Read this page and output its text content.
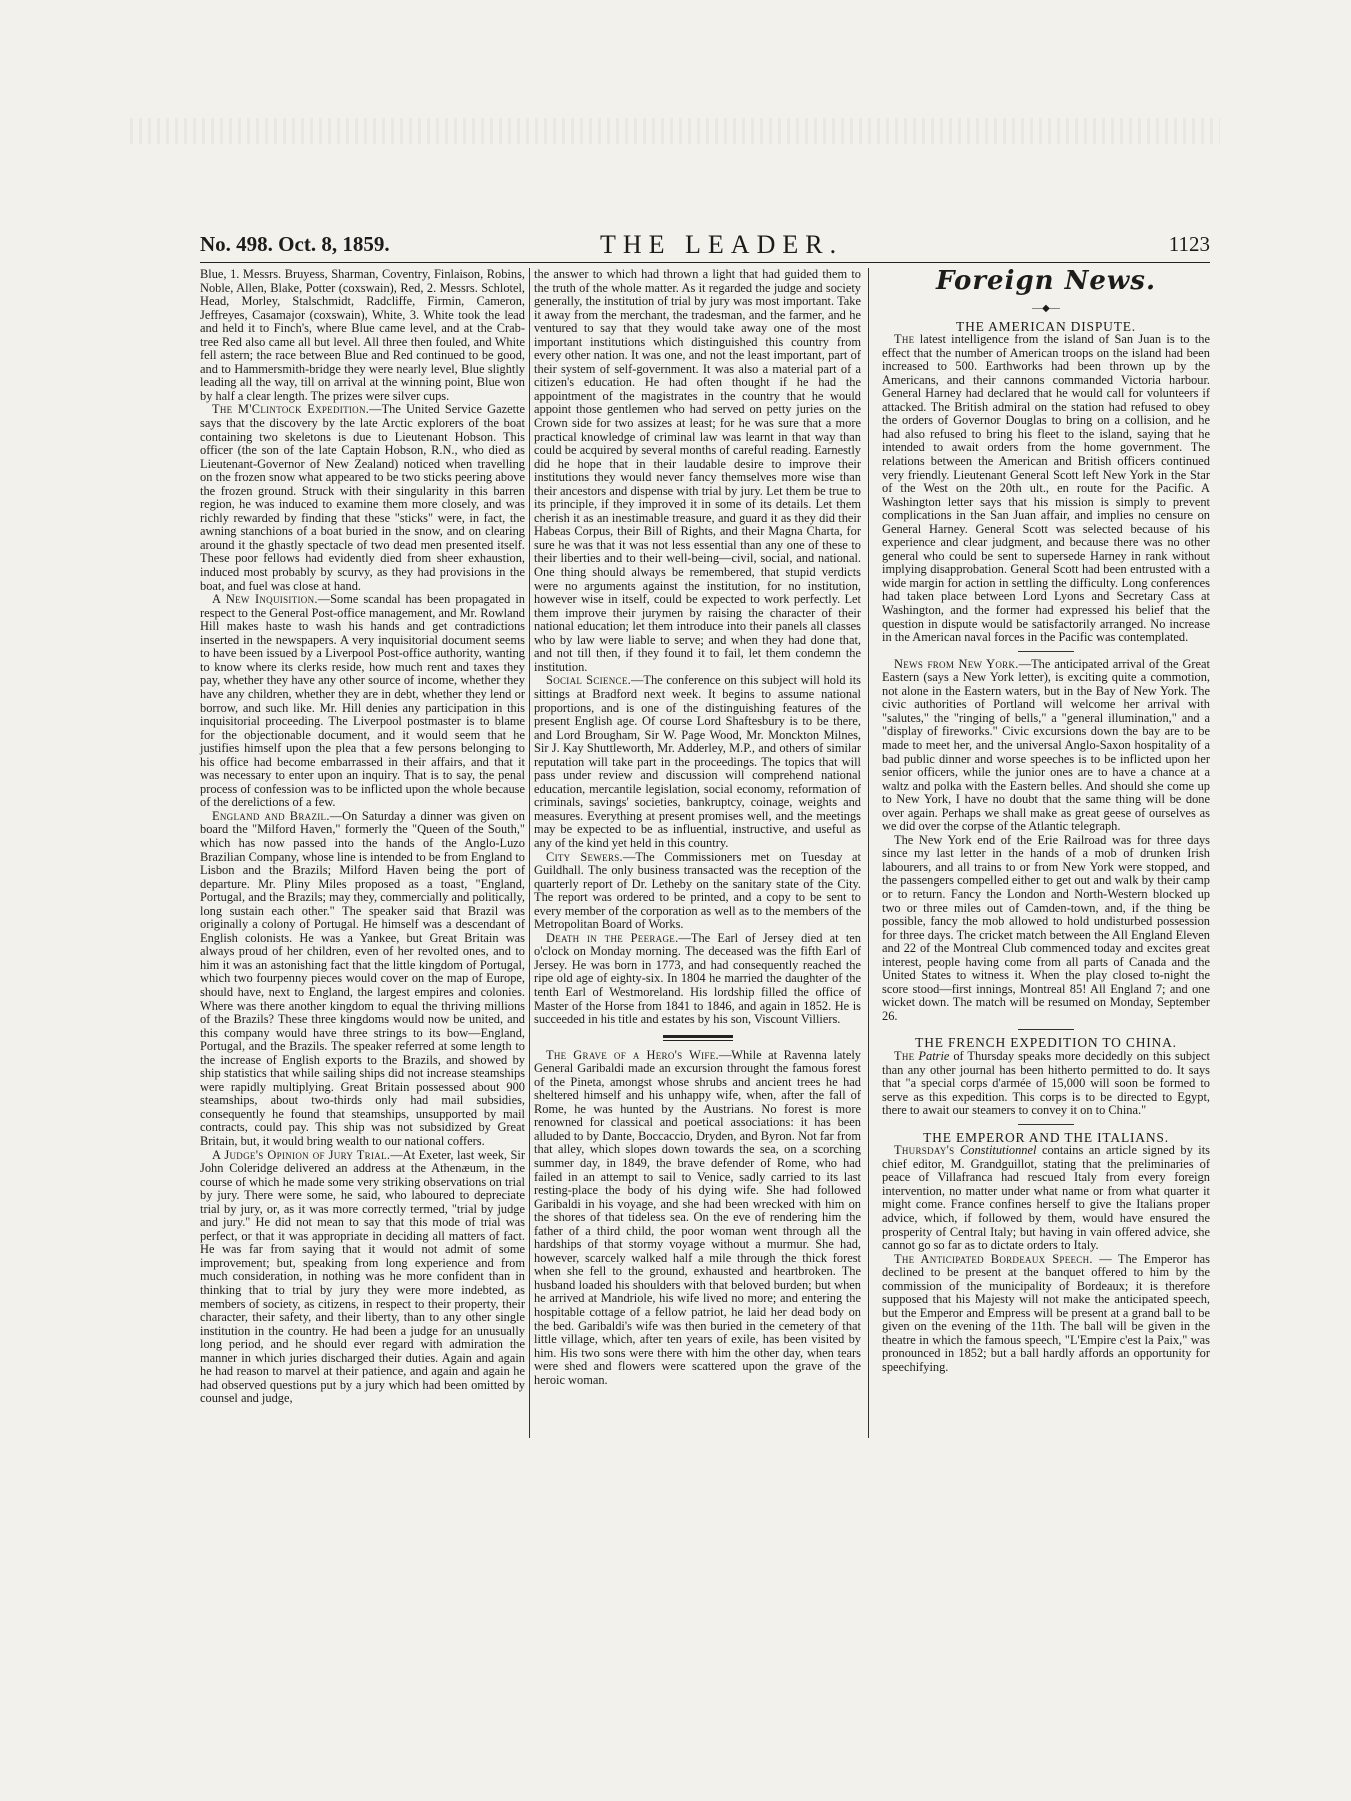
No. 498. Oct. 8, 1859.	THE LEADER.	1123

Blue, 1. Messrs. Bruyess, Sharman, Coventry, Finlaison, Robins, Noble, Allen, Blake, Potter (coxswain), Red, 2. Messrs. Schlotel, Head, Morley, Stalschmidt, Radcliffe, Firmin, Cameron, Jeffreyes, Casamajor (coxswain), White, 3. White took the lead and held it to Finch's, where Blue came level, and at the Crab-tree Red also came all but level. All three then fouled, and White fell astern; the race between Blue and Red continued to be good, and to Hammersmith-bridge they were nearly level, Blue slightly leading all the way, till on arrival at the winning point, Blue won by half a clear length. The prizes were silver cups.

The M'Clintock Expedition.—The United Service Gazette says that the discovery by the late Arctic explorers of the boat containing two skeletons is due to Lieutenant Hobson. This officer (the son of the late Captain Hobson, R.N., who died as Lieutenant-Governor of New Zealand) noticed when travelling on the frozen snow what appeared to be two sticks peering above the frozen ground. Struck with their singularity in this barren region, he was induced to examine them more closely, and was richly rewarded by finding that these "sticks" were, in fact, the awning stanchions of a boat buried in the snow, and on clearing around it the ghastly spectacle of two dead men presented itself. These poor fellows had evidently died from sheer exhaustion, induced most probably by scurvy, as they had provisions in the boat, and fuel was close at hand.

A New Inquisition.—Some scandal has been propagated in respect to the General Post-office management, and Mr. Rowland Hill makes haste to wash his hands and get contradictions inserted in the newspapers. A very inquisitorial document seems to have been issued by a Liverpool Post-office authority, wanting to know where its clerks reside, how much rent and taxes they pay, whether they have any other source of income, whether they have any children, whether they are in debt, whether they lend or borrow, and such like. Mr. Hill denies any participation in this inquisitorial proceeding. The Liverpool postmaster is to blame for the objectionable document, and it would seem that he justifies himself upon the plea that a few persons belonging to his office had become embarrassed in their affairs, and that it was necessary to enter upon an inquiry. That is to say, the penal process of confession was to be inflicted upon the whole because of the derelictions of a few.

England and Brazil.—On Saturday a dinner was given on board the "Milford Haven," formerly the "Queen of the South," which has now passed into the hands of the Anglo-Luzo Brazilian Company, whose line is intended to be from England to Lisbon and the Brazils; Milford Haven being the port of departure. Mr. Pliny Miles proposed as a toast, "England, Portugal, and the Brazils; may they, commercially and politically, long sustain each other." The speaker said that Brazil was originally a colony of Portugal. He himself was a descendant of English colonists. He was a Yankee, but Great Britain was always proud of her children, even of her revolted ones, and to him it was an astonishing fact that the little kingdom of Portugal, which two fourpenny pieces would cover on the map of Europe, should have, next to England, the largest empires and colonies. Where was there another kingdom to equal the thriving millions of the Brazils? These three kingdoms would now be united, and this company would have three strings to its bow—England, Portugal, and the Brazils. The speaker referred at some length to the increase of English exports to the Brazils, and showed by ship statistics that while sailing ships did not increase steamships were rapidly multiplying. Great Britain possessed about 900 steamships, about two-thirds only had mail subsidies, consequently he found that steamships, unsupported by mail contracts, could pay. This ship was not subsidized by Great Britain, but, it would bring wealth to our national coffers.

A Judge's Opinion of Jury Trial.—At Exeter, last week, Sir John Coleridge delivered an address at the Athenæum, in the course of which he made some very striking observations on trial by jury. There were some, he said, who laboured to depreciate trial by jury, or, as it was more correctly termed, "trial by judge and jury." He did not mean to say that this mode of trial was perfect, or that it was appropriate in deciding all matters of fact. He was far from saying that it would not admit of some improvement; but, speaking from long experience and from much consideration, in nothing was he more confident than in thinking that to trial by jury they were more indebted, as members of society, as citizens, in respect to their property, their character, their safety, and their liberty, than to any other single institution in the country. He had been a judge for an unusually long period, and he should ever regard with admiration the manner in which juries discharged their duties. Again and again he had reason to marvel at their patience, and again and again he had observed questions put by a jury which had been omitted by counsel and judge,

the answer to which had thrown a light that had guided them to the truth of the whole matter. As it regarded the judge and society generally, the institution of trial by jury was most important. Take it away from the merchant, the tradesman, and the farmer, and he ventured to say that they would take away one of the most important institutions which distinguished this country from every other nation. It was one, and not the least important, part of their system of self-government. It was also a material part of a citizen's education. He had often thought if he had the appointment of the magistrates in the country that he would appoint those gentlemen who had served on petty juries on the Crown side for two assizes at least; for he was sure that a more practical knowledge of criminal law was learnt in that way than could be acquired by several months of careful reading. Earnestly did he hope that in their laudable desire to improve their institutions they would never fancy themselves more wise than their ancestors and dispense with trial by jury. Let them be true to its principle, if they improved it in some of its details. Let them cherish it as an inestimable treasure, and guard it as they did their Habeas Corpus, their Bill of Rights, and their Magna Charta, for sure he was that it was not less essential than any one of these to their liberties and to their well-being—civil, social, and national. One thing should always be remembered, that stupid verdicts were no arguments against the institution, for no institution, however wise in itself, could be expected to work perfectly. Let them improve their jurymen by raising the character of their national education; let them introduce into their panels all classes who by law were liable to serve; and when they had done that, and not till then, if they found it to fail, let them condemn the institution.

Social Science.—The conference on this subject will hold its sittings at Bradford next week. It begins to assume national proportions, and is one of the distinguishing features of the present English age. Of course Lord Shaftesbury is to be there, and Lord Brougham, Sir W. Page Wood, Mr. Monckton Milnes, Sir J. Kay Shuttleworth, Mr. Adderley, M.P., and others of similar reputation will take part in the proceedings. The topics that will pass under review and discussion will comprehend national education, mercantile legislation, social economy, reformation of criminals, savings' societies, bankruptcy, coinage, weights and measures. Everything at present promises well, and the meetings may be expected to be as influential, instructive, and useful as any of the kind yet held in this country.

City Sewers.—The Commissioners met on Tuesday at Guildhall. The only business transacted was the reception of the quarterly report of Dr. Letheby on the sanitary state of the City. The report was ordered to be printed, and a copy to be sent to every member of the corporation as well as to the members of the Metropolitan Board of Works.

Death in the Peerage.—The Earl of Jersey died at ten o'clock on Monday morning. The deceased was the fifth Earl of Jersey. He was born in 1773, and had consequently reached the ripe old age of eighty-six. In 1804 he married the daughter of the tenth Earl of Westmoreland. His lordship filled the office of Master of the Horse from 1841 to 1846, and again in 1852. He is succeeded in his title and estates by his son, Viscount Villiers.

The Grave of a Hero's Wife.—While at Ravenna lately General Garibaldi made an excursion throught the famous forest of the Pineta, amongst whose shrubs and ancient trees he had sheltered himself and his unhappy wife, when, after the fall of Rome, he was hunted by the Austrians. No forest is more renowned for classical and poetical associations: it has been alluded to by Dante, Boccaccio, Dryden, and Byron. Not far from that alley, which slopes down towards the sea, on a scorching summer day, in 1849, the brave defender of Rome, who had failed in an attempt to sail to Venice, sadly carried to its last resting-place the body of his dying wife. She had followed Garibaldi in his voyage, and she had been wrecked with him on the shores of that tideless sea. On the eve of rendering him the father of a third child, the poor woman went through all the hardships of that stormy voyage without a murmur. She had, however, scarcely walked half a mile through the thick forest when she fell to the ground, exhausted and heartbroken. The husband loaded his shoulders with that beloved burden; but when he arrived at Mandriole, his wife lived no more; and entering the hospitable cottage of a fellow patriot, he laid her dead body on the bed. Garibaldi's wife was then buried in the cemetery of that little village, which, after ten years of exile, has been visited by him. His two sons were there with him the other day, when tears were shed and flowers were scattered upon the grave of the heroic woman.

Foreign News.
—◆—

THE AMERICAN DISPUTE.

The latest intelligence from the island of San Juan is to the effect that the number of American troops on the island had been increased to 500. Earthworks had been thrown up by the Americans, and their cannons commanded Victoria harbour. General Harney had declared that he would call for volunteers if attacked. The British admiral on the station had refused to obey the orders of Governor Douglas to bring on a collision, and he had also refused to bring his fleet to the island, saying that he intended to await orders from the home government. The relations between the American and British officers continued very friendly. Lieutenant General Scott left New York in the Star of the West on the 20th ult., en route for the Pacific. A Washington letter says that his mission is simply to prevent complications in the San Juan affair, and implies no censure on General Harney. General Scott was selected because of his experience and clear judgment, and because there was no other general who could be sent to supersede Harney in rank without implying disapprobation. General Scott had been entrusted with a wide margin for action in settling the difficulty. Long conferences had taken place between Lord Lyons and Secretary Cass at Washington, and the former had expressed his belief that the question in dispute would be satisfactorily arranged. No increase in the American naval forces in the Pacific was contemplated.

News from New York.—The anticipated arrival of the Great Eastern (says a New York letter), is exciting quite a commotion, not alone in the Eastern waters, but in the Bay of New York. The civic authorities of Portland will welcome her arrival with "salutes," the "ringing of bells," a "general illumination," and a "display of fireworks." Civic excursions down the bay are to be made to meet her, and the universal Anglo-Saxon hospitality of a bad public dinner and worse speeches is to be inflicted upon her senior officers, while the junior ones are to have a chance at a waltz and polka with the Eastern belles. And should she come up to New York, I have no doubt that the same thing will be done over again. Perhaps we shall make as great geese of ourselves as we did over the corpse of the Atlantic telegraph.

The New York end of the Erie Railroad was for three days since my last letter in the hands of a mob of drunken Irish labourers, and all trains to or from New York were stopped, and the passengers compelled either to get out and walk by their camp or to return. Fancy the London and North-Western blocked up two or three miles out of Camden-town, and, if the thing be possible, fancy the mob allowed to hold undisturbed possession for three days. The cricket match between the All England Eleven and 22 of the Montreal Club commenced today and excites great interest, people having come from all parts of Canada and the United States to witness it. When the play closed to-night the score stood—first innings, Montreal 85! All England 7; and one wicket down. The match will be resumed on Monday, September 26.

THE FRENCH EXPEDITION TO CHINA.

The Patrie of Thursday speaks more decidedly on this subject than any other journal has been hitherto permitted to do. It says that "a special corps d'armée of 15,000 will soon be formed to serve as this expedition. This corps is to be directed to Egypt, there to await our steamers to convey it on to China."

THE EMPEROR AND THE ITALIANS.

Thursday's Constitutionnel contains an article signed by its chief editor, M. Grandguillot, stating that the preliminaries of peace of Villafranca had rescued Italy from every foreign intervention, no matter under what name or from what quarter it might come. France confines herself to give the Italians proper advice, which, if followed by them, would have ensured the prosperity of Central Italy; but having in vain offered advice, she cannot go so far as to dictate orders to Italy.

The Anticipated Bordeaux Speech. — The Emperor has declined to be present at the banquet offered to him by the commission of the municipality of Bordeaux; it is therefore supposed that his Majesty will not make the anticipated speech, but the Emperor and Empress will be present at a grand ball to be given on the evening of the 11th. The ball will be given in the theatre in which the famous speech, "L'Empire c'est la Paix," was pronounced in 1852; but a ball hardly affords an opportunity for speechifying.
